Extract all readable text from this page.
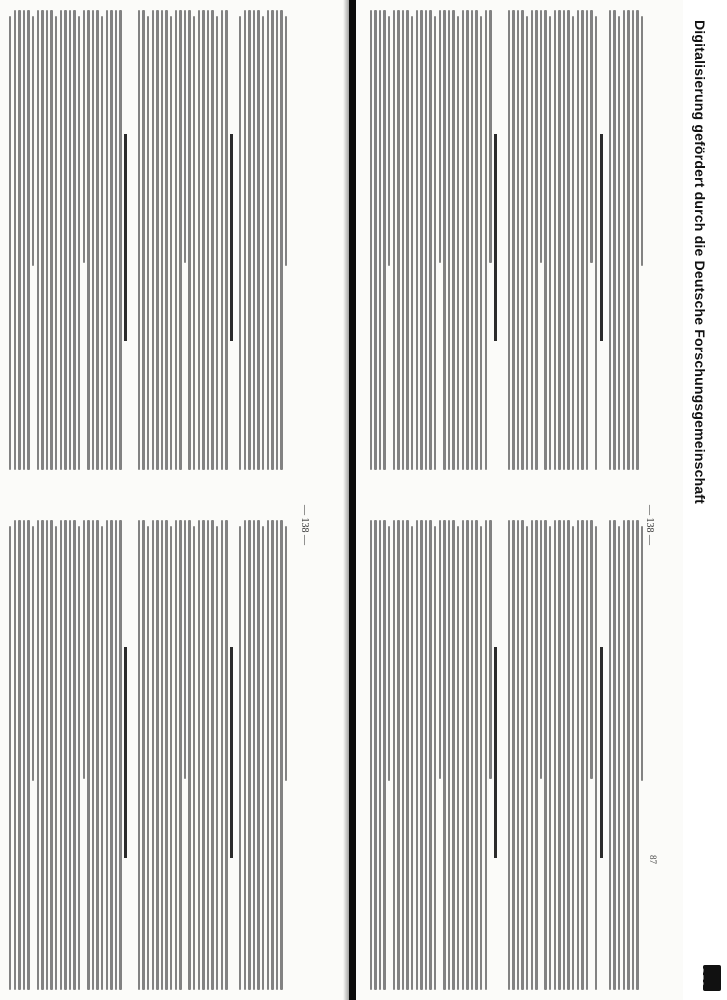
— 138 —	— 138 —
87
Digitalisierung gefördert durch die Deutsche Forschungsgemeinschaft
DFG
